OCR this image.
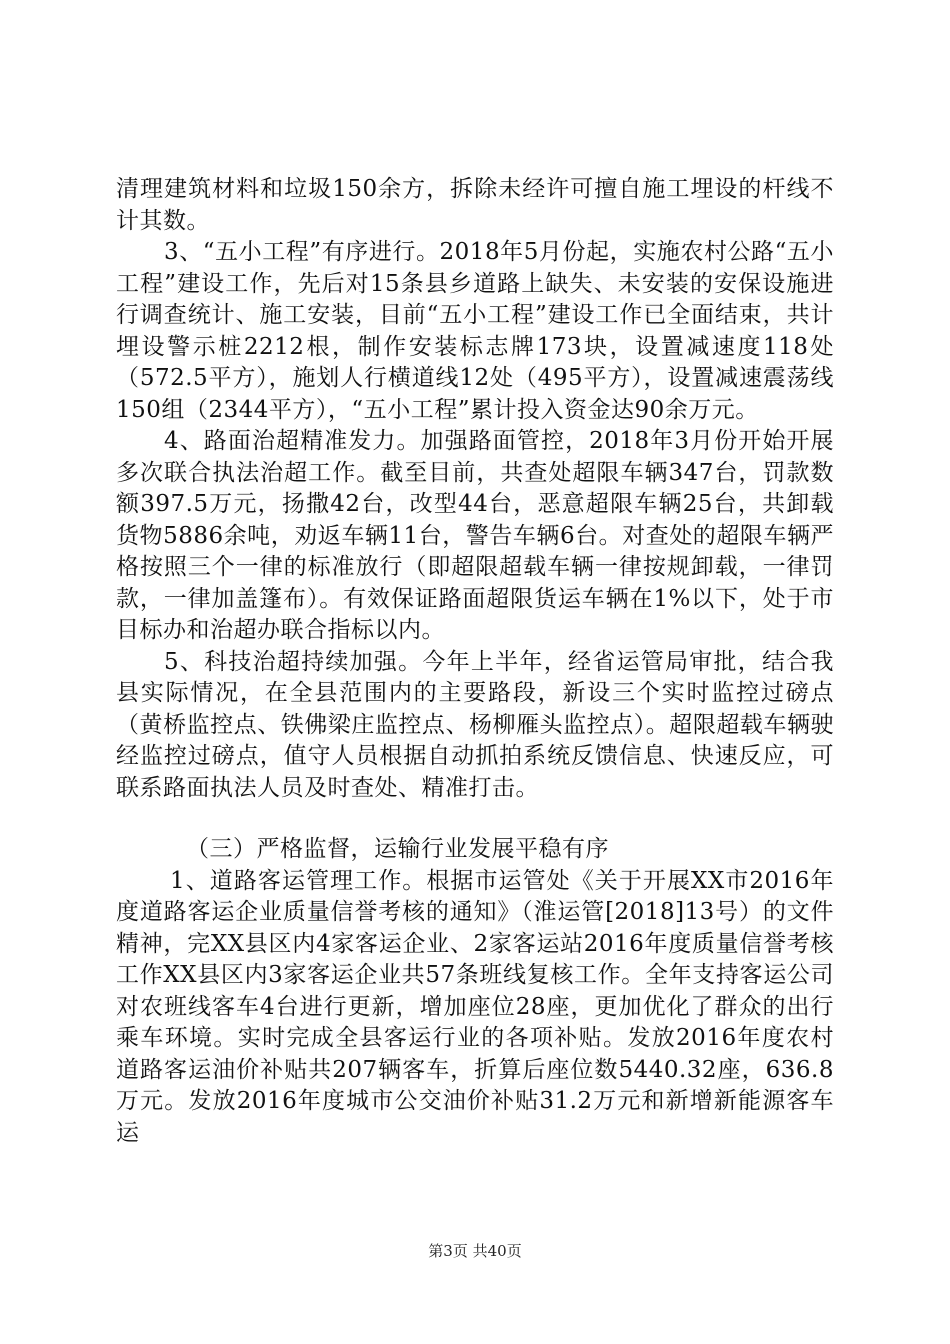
清理建筑材料和垃圾150余方，拆除未经许可擅自施工埋设的杆线不计其数。

3、“五小工程”有序进行。2018年5月份起，实施农村公路“五小工程”建设工作，先后对15条县乡道路上缺失、未安装的安保设施进行调查统计、施工安装，目前“五小工程”建设工作已全面结束，共计埋设警示桩2212根，制作安装标志牌173块，设置减速度118处（572.5平方），施划人行横道线12处（495平方），设置减速震荡线150组（2344平方），“五小工程”累计投入资金达90余万元。

4、路面治超精准发力。加强路面管控，2018年3月份开始开展多次联合执法治超工作。截至目前，共查处超限车辆347台，罚款数额397.5万元，扬撒42台，改型44台，恶意超限车辆25台，共卸载货物5886余吨，劝返车辆11台，警告车辆6台。对查处的超限车辆严格按照三个一律的标准放行（即超限超载车辆一律按规卸载，一律罚款，一律加盖篷布）。有效保证路面超限货运车辆在1%以下，处于市目标办和治超办联合指标以内。

5、科技治超持续加强。今年上半年，经省运管局审批，结合我县实际情况，在全县范围内的主要路段，新设三个实时监控过磅点（黄桥监控点、铁佛梁庄监控点、杨柳雁头监控点）。超限超载车辆驶经监控过磅点，值守人员根据自动抓拍系统反馈信息、快速反应，可联系路面执法人员及时查处、精准打击。

（三）严格监督，运输行业发展平稳有序

1、道路客运管理工作。根据市运管处《关于开展XX市2016年度道路客运企业质量信誉考核的通知》（淮运管[2018]13号）的文件精神，完XX县区内4家客运企业、2家客运站2016年度质量信誉考核工作XX县区内3家客运企业共57条班线复核工作。全年支持客运公司对农班线客车4台进行更新，增加座位28座，更加优化了群众的出行乘车环境。实时完成全县客运行业的各项补贴。发放2016年度农村道路客运油价补贴共207辆客车，折算后座位数5440.32座，636.8万元。发放2016年度城市公交油价补贴31.2万元和新增新能源客车运

第3页 共40页
